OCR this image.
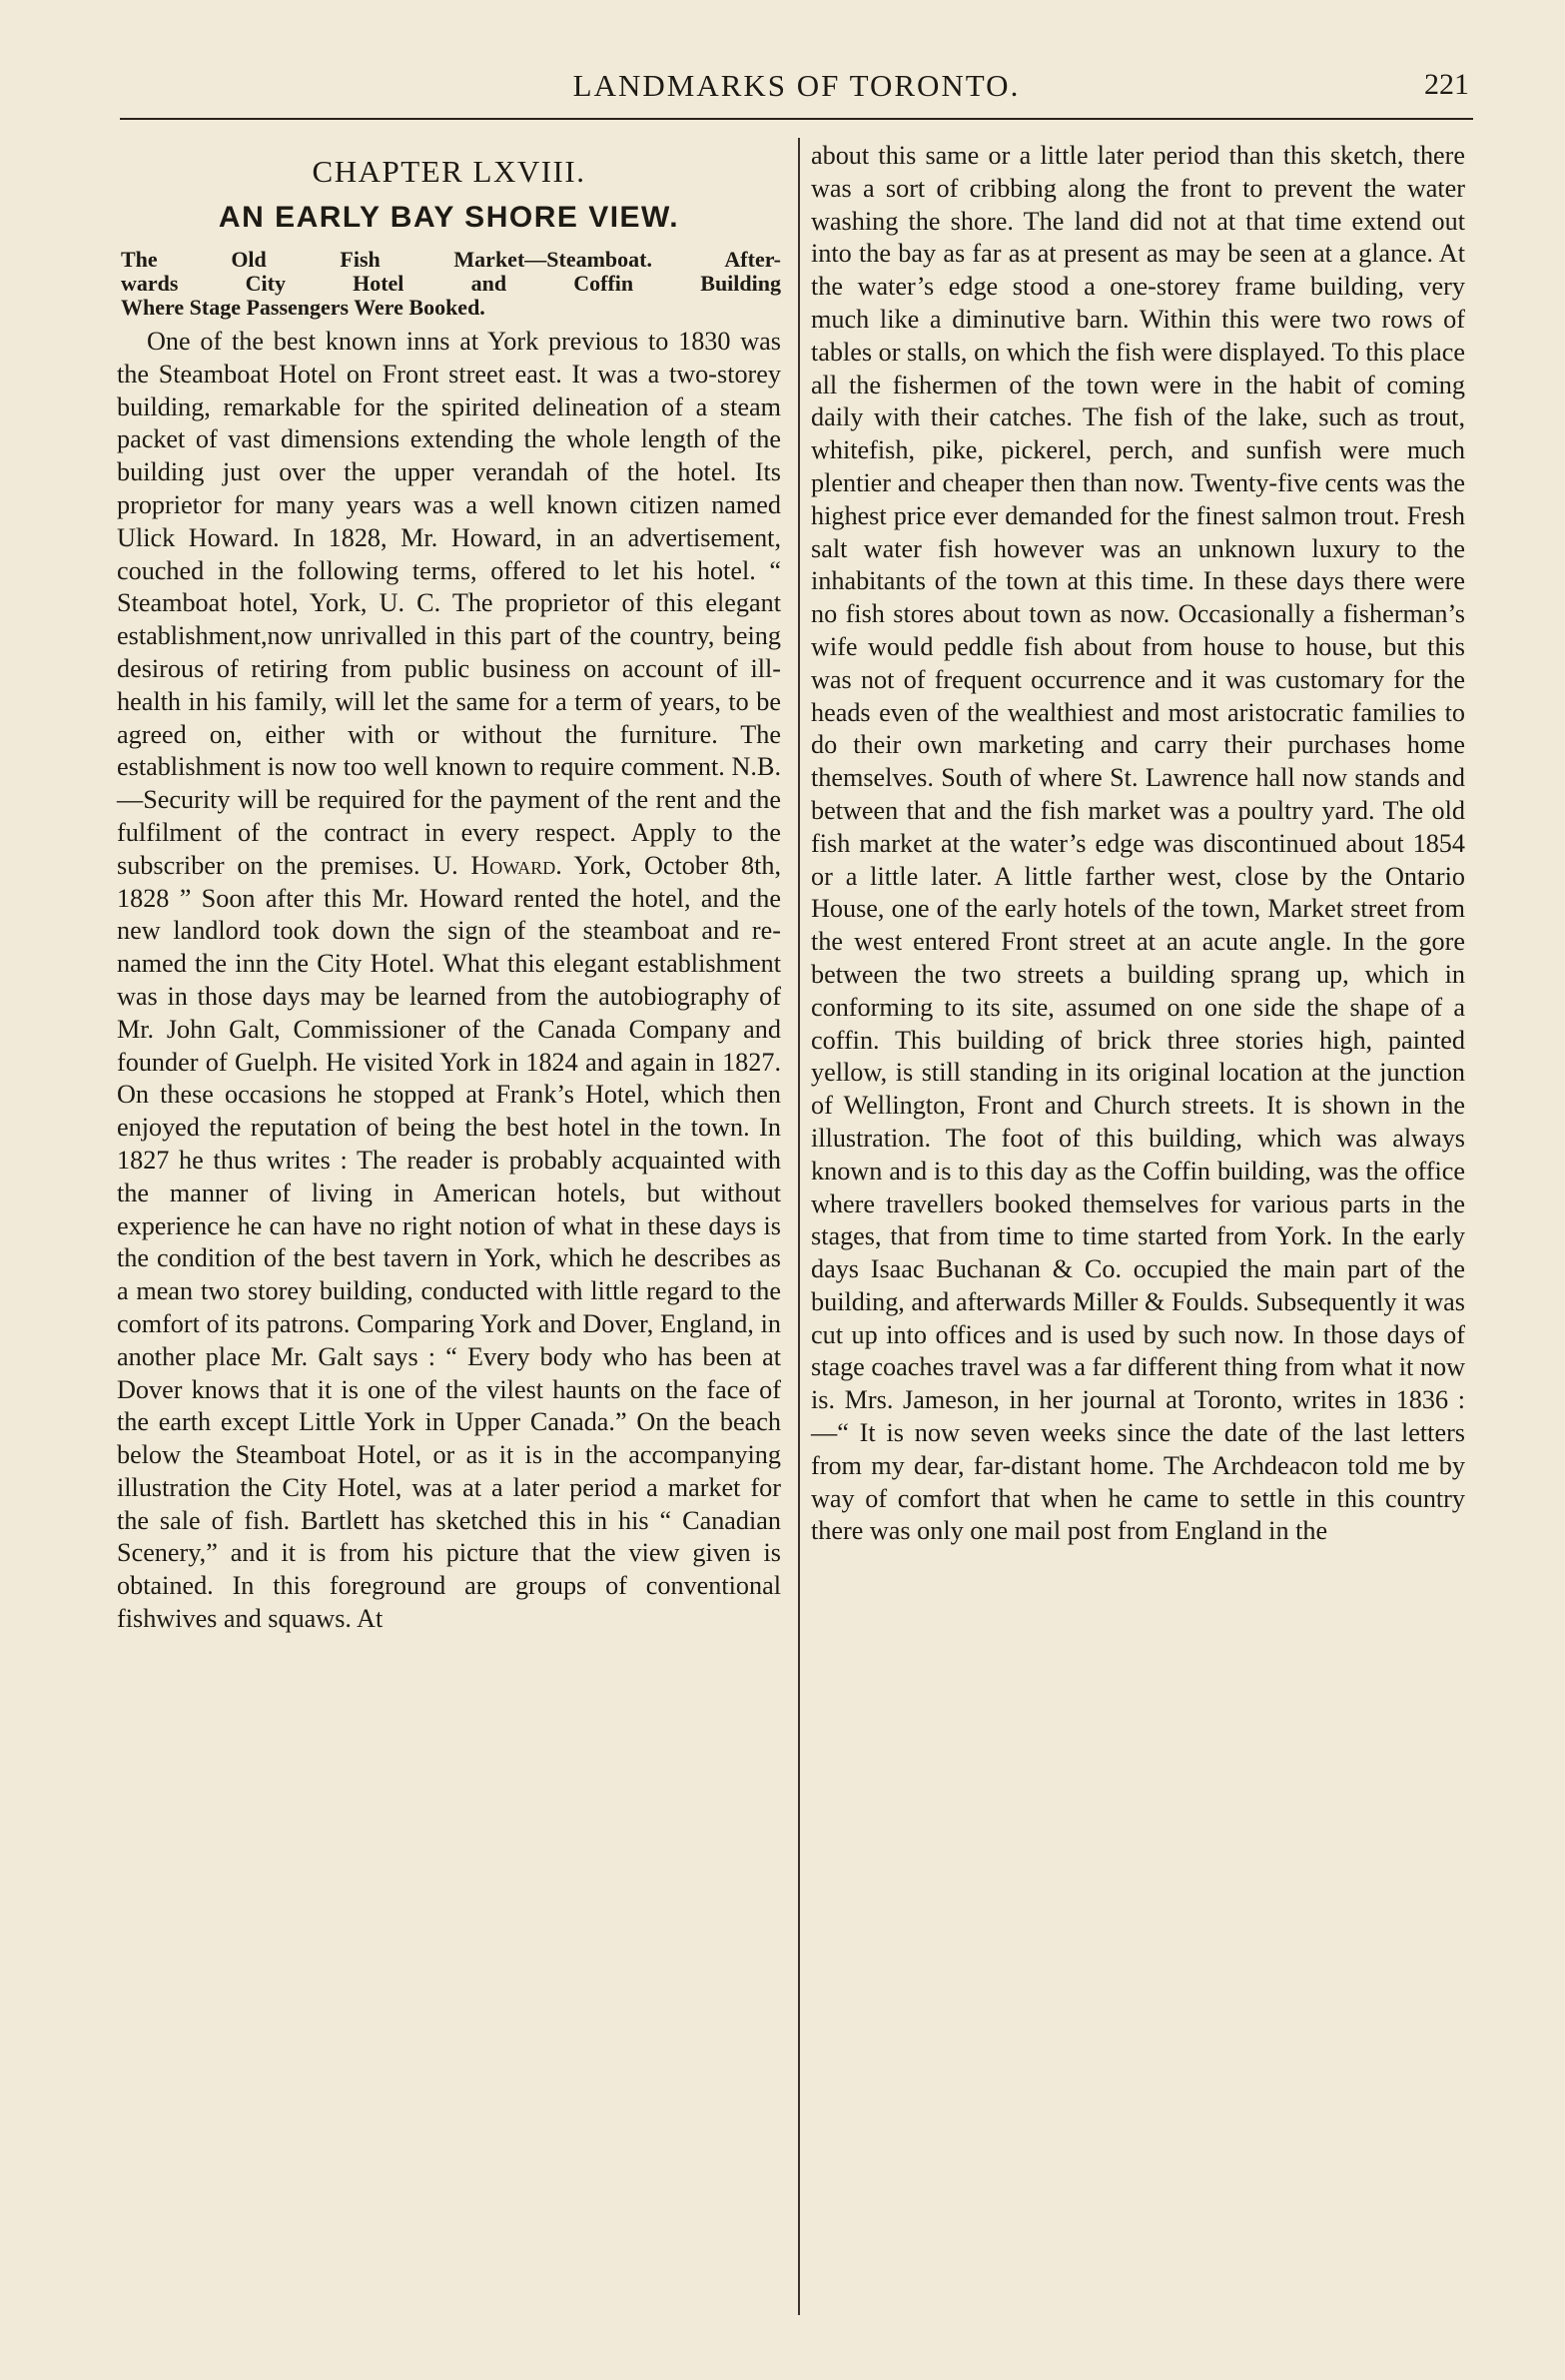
LANDMARKS OF TORONTO.	221
CHAPTER LXVIII.
AN EARLY BAY SHORE VIEW.
The Old Fish Market—Steamboat. After-
wards City Hotel and Coffin Building
Where Stage Passengers Were Booked.

One of the best known inns at York previous to 1830 was the Steamboat Hotel on Front street east. It was a two-storey building, remarkable for the spirited delineation of a steam packet of vast dimensions extending the whole length of the building just over the upper verandah of the hotel. Its proprietor for many years was a well known citizen named Ulick Howard. In 1828, Mr. Howard, in an advertisement, couched in the following terms, offered to let his hotel. “ Steamboat hotel, York, U. C. The proprietor of this elegant establishment,now unrivalled in this part of the country, being desirous of retiring from public business on account of ill-health in his family, will let the same for a term of years, to be agreed on, either with or without the furniture. The establishment is now too well known to require comment. N.B.—Security will be required for the payment of the rent and the fulfilment of the contract in every respect. Apply to the subscriber on the premises. U. Howard. York, October 8th, 1828 ” Soon after this Mr. Howard rented the hotel, and the new landlord took down the sign of the steamboat and re-named the inn the City Hotel. What this elegant establishment was in those days may be learned from the autobiography of Mr. John Galt, Commissioner of the Canada Company and founder of Guelph. He visited York in 1824 and again in 1827. On these occasions he stopped at Frank’s Hotel, which then enjoyed the reputation of being the best hotel in the town. In 1827 he thus writes : The reader is probably acquainted with the manner of living in American hotels, but without experience he can have no right notion of what in these days is the condition of the best tavern in York, which he describes as a mean two storey building, conducted with little regard to the comfort of its patrons. Comparing York and Dover, England, in another place Mr. Galt says : “ Every body who has been at Dover knows that it is one of the vilest haunts on the face of the earth except Little York in Upper Canada.” On the beach below the Steamboat Hotel, or as it is in the accompanying illustration the City Hotel, was at a later period a market for the sale of fish. Bartlett has sketched this in his “ Canadian Scenery,” and it is from his picture that the view given is obtained. In this foreground are groups of conventional fishwives and squaws. At

about this same or a little later period than this sketch, there was a sort of cribbing along the front to prevent the water washing the shore. The land did not at that time extend out into the bay as far as at present as may be seen at a glance. At the water’s edge stood a one-storey frame building, very much like a diminutive barn. Within this were two rows of tables or stalls, on which the fish were displayed. To this place all the fishermen of the town were in the habit of coming daily with their catches. The fish of the lake, such as trout, whitefish, pike, pickerel, perch, and sunfish were much plentier and cheaper then than now. Twenty-five cents was the highest price ever demanded for the finest salmon trout. Fresh salt water fish however was an unknown luxury to the inhabitants of the town at this time. In these days there were no fish stores about town as now. Occasionally a fisherman’s wife would peddle fish about from house to house, but this was not of frequent occurrence and it was customary for the heads even of the wealthiest and most aristocratic families to do their own marketing and carry their purchases home themselves. South of where St. Lawrence hall now stands and between that and the fish market was a poultry yard. The old fish market at the water’s edge was discontinued about 1854 or a little later. A little farther west, close by the Ontario House, one of the early hotels of the town, Market street from the west entered Front street at an acute angle. In the gore between the two streets a building sprang up, which in conforming to its site, assumed on one side the shape of a coffin. This building of brick three stories high, painted yellow, is still standing in its original location at the junction of Wellington, Front and Church streets. It is shown in the illustration. The foot of this building, which was always known and is to this day as the Coffin building, was the office where travellers booked themselves for various parts in the stages, that from time to time started from York. In the early days Isaac Buchanan & Co. occupied the main part of the building, and afterwards Miller & Foulds. Subsequently it was cut up into offices and is used by such now. In those days of stage coaches travel was a far different thing from what it now is. Mrs. Jameson, in her journal at Toronto, writes in 1836 :—“ It is now seven weeks since the date of the last letters from my dear, far-distant home. The Archdeacon told me by way of comfort that when he came to settle in this country there was only one mail post from England in the
